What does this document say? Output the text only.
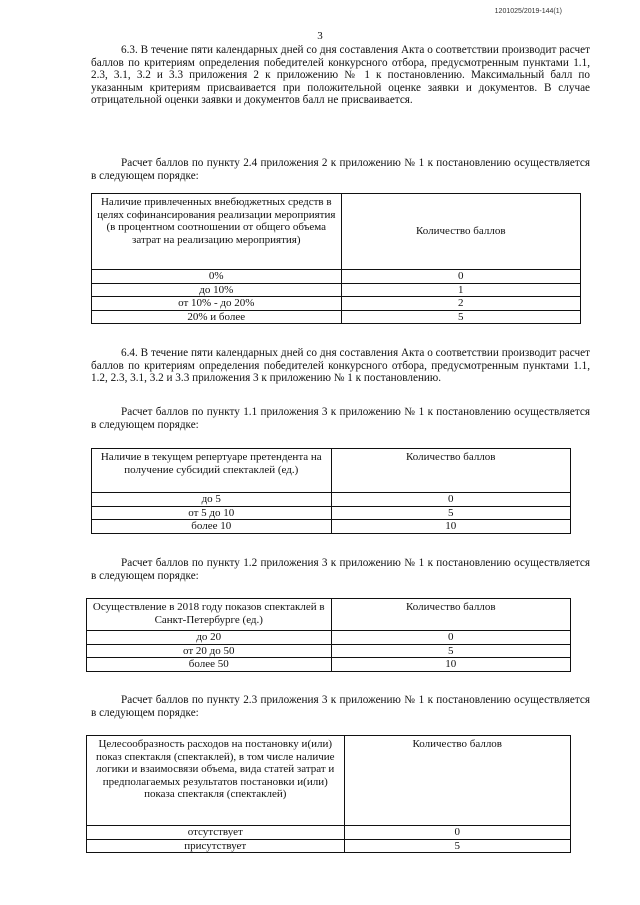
1201025/2019-144(1)
3

6.3. В течение пяти календарных дней со дня составления Акта о соответствии производит расчет баллов по критериям определения победителей конкурсного отбора, предусмотренным пунктами 1.1, 2.3, 3.1, 3.2 и 3.3 приложения 2 к приложению № 1 к постановлению. Максимальный балл по указанным критериям присваивается при положительной оценке заявки и документов. В случае отрицательной оценки заявки и документов балл не присваивается.

Расчет баллов по пункту 2.4 приложения 2 к приложению № 1 к постановлению осуществляется в следующем порядке:

Наличие привлеченных внебюджетных средств в целях софинансирования реализации мероприятия (в процентном соотношении от общего объема затрат на реализацию мероприятия)	Количество баллов
0%	0
до 10%	1
от 10% - до 20%	2
20% и более	5

6.4. В течение пяти календарных дней со дня составления Акта о соответствии производит расчет баллов по критериям определения победителей конкурсного отбора, предусмотренным пунктами 1.1, 1.2, 2.3, 3.1, 3.2 и 3.3 приложения 3 к приложению № 1 к постановлению.

Расчет баллов по пункту 1.1 приложения 3 к приложению № 1 к постановлению осуществляется в следующем порядке:

Наличие в текущем репертуаре претендента на получение субсидий спектаклей (ед.)	Количество баллов
до 5	0
от 5 до 10	5
более 10	10

Расчет баллов по пункту 1.2 приложения 3 к приложению № 1 к постановлению осуществляется в следующем порядке:

Осуществление в 2018 году показов спектаклей в Санкт-Петербурге (ед.)	Количество баллов
до 20	0
от 20 до 50	5
более 50	10

Расчет баллов по пункту 2.3 приложения 3 к приложению № 1 к постановлению осуществляется в следующем порядке:

Целесообразность расходов на постановку и(или) показ спектакля (спектаклей), в том числе наличие логики и взаимосвязи объема, вида статей затрат и предполагаемых результатов постановки и(или) показа спектакля (спектаклей)	Количество баллов
отсутствует	0
присутствует	5
